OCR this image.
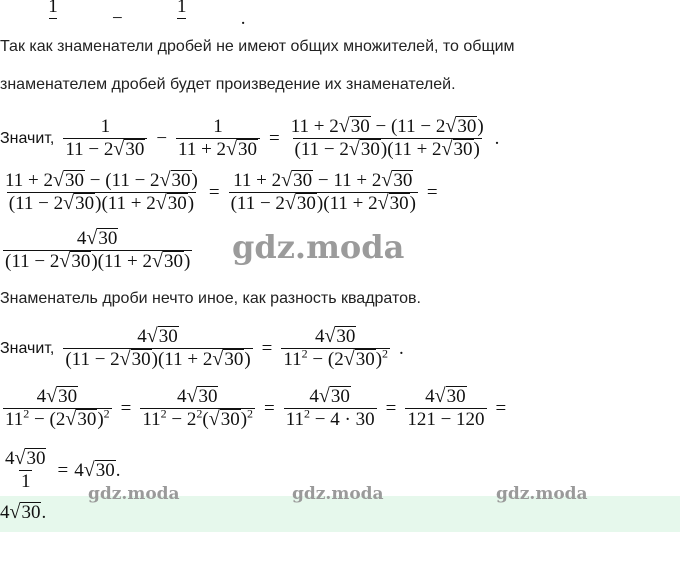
1

−
1

.
Так как знаменатели дробей не имеют общих множителей, то общим
знаменателем дробей будет произведение их знаменателей.
Значит, $\frac{1}{11 - 2 √ 30} - \frac{1}{11 + 2 √ 30} = \frac{11 + 2 √ 30 - (11 - 2 √ 30 )}{(11 - 2 √ 30 )(11 + 2 √ 30 )}$ .
$\frac{11 + 2 √ 30 - (11 - 2 √ 30 )}{(11 - 2 √ 30 )(11 + 2 √ 30 )} = \frac{11 + 2 √ 30 - 11 + 2 √ 30}{(11 - 2 √ 30 )(11 + 2 √ 30 )}$ =
$\frac{4 √ 30}{(11 - 2 √ 30 )(11 + 2 √ 30 )}$ gdz.moda
Знаменатель дроби нечто иное, как разность квадратов.
Значит, $\frac{4 √ 30}{(11 - 2 √ 30 )(11 + 2 √ 30 )} = \frac{4 √ 30}{11^2 - (2 √ 30 )^2}$ .
$\frac{4 √ 30}{11^2 - (2 √ 30 )^2} = \frac{4 √ 30}{11^2 - 2^2( √ 30 )^2} = \frac{4 √ 30}{11^2 - 4 \cdot 30} = \frac{4 √ 30}{121 - 120}$ =
$\frac{4 √ 30}{1} = 4$ √ 30 .
4 √ 30 .
gdz.moda	gdz.moda	gdz.moda
